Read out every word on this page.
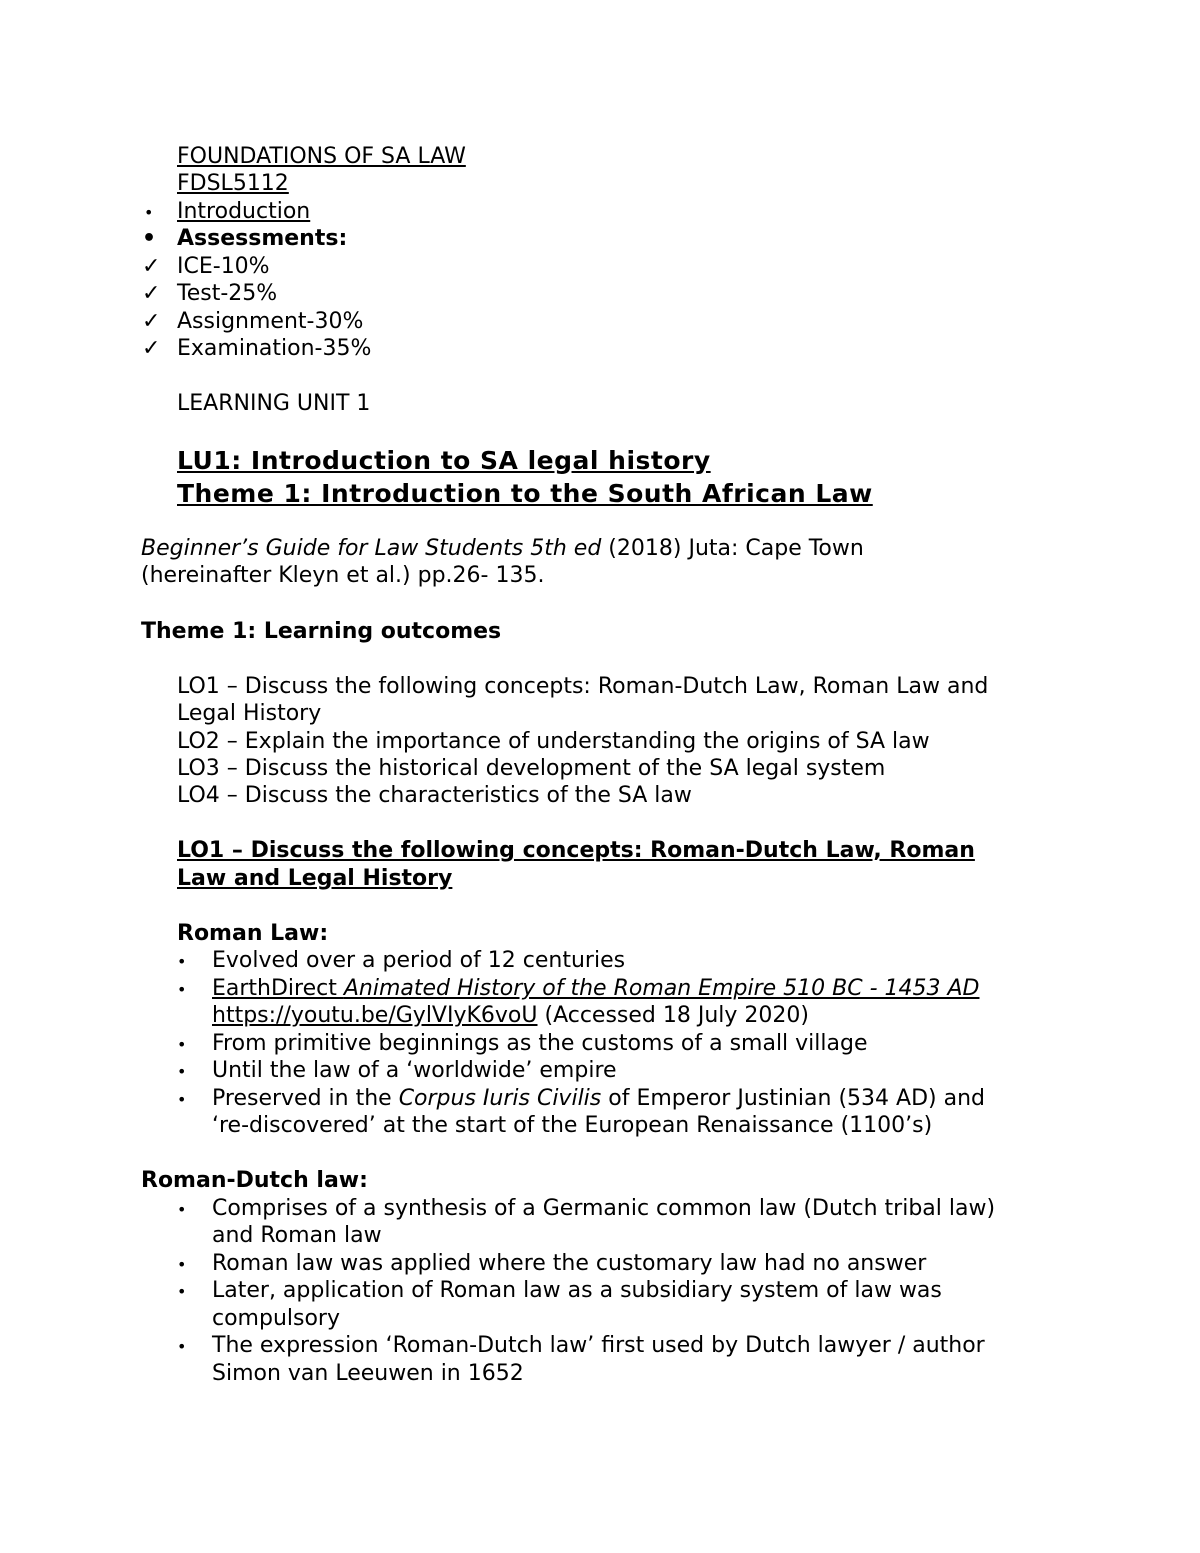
FOUNDATIONS OF SA LAW
FDSL5112
• Introduction
• Assessments:
✓ ICE-10%
✓ Test-25%
✓ Assignment-30%
✓ Examination-35%
LEARNING UNIT 1
LU1: Introduction to SA legal history
Theme 1: Introduction to the South African Law
Beginner’s Guide for Law Students 5th ed (2018) Juta: Cape Town
(hereinafter Kleyn et al.) pp.26- 135.
Theme 1: Learning outcomes
LO1 – Discuss the following concepts: Roman-Dutch Law, Roman Law and
Legal History
LO2 – Explain the importance of understanding the origins of SA law
LO3 – Discuss the historical development of the SA legal system
LO4 – Discuss the characteristics of the SA law
LO1 – Discuss the following concepts: Roman-Dutch Law, Roman
Law and Legal History
Roman Law:
• Evolved over a period of 12 centuries
• EarthDirect Animated History of the Roman Empire 510 BC - 1453 AD
https://youtu.be/GylVIyK6voU (Accessed 18 July 2020)
• From primitive beginnings as the customs of a small village
• Until the law of a ‘worldwide’ empire
• Preserved in the Corpus Iuris Civilis of Emperor Justinian (534 AD) and
‘re-discovered’ at the start of the European Renaissance (1100’s)
Roman-Dutch law:
• Comprises of a synthesis of a Germanic common law (Dutch tribal law)
and Roman law
• Roman law was applied where the customary law had no answer
• Later, application of Roman law as a subsidiary system of law was
compulsory
• The expression ‘Roman-Dutch law’ first used by Dutch lawyer / author
Simon van Leeuwen in 1652
